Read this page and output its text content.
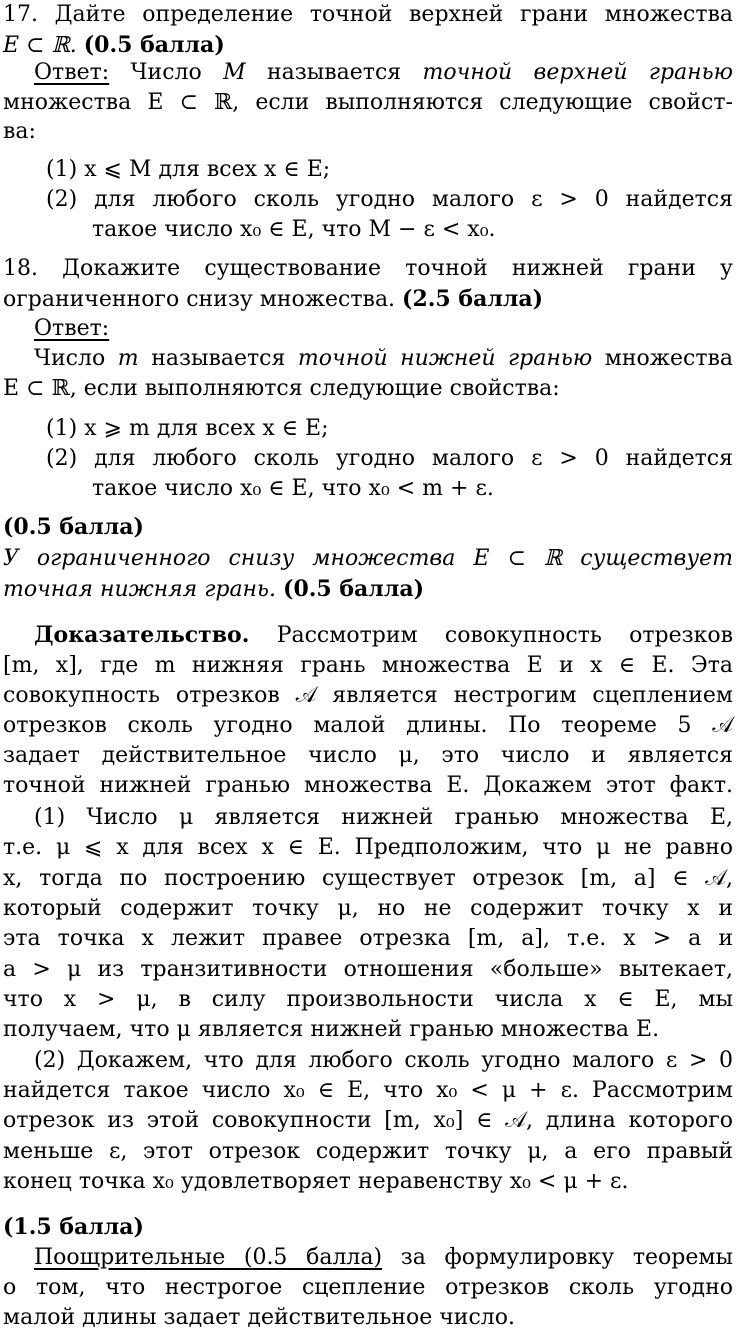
17. Дайте определение точной верхней грани множества
E ⊂ ℝ. (0.5 балла)
Ответ: Число M называется точной верхней гранью
множества E ⊂ ℝ, если выполняются следующие свойст-
ва:
(1) x ⩽ M для всех x ∈ E;
(2) для любого сколь угодно малого ε > 0 найдется
такое число x₀ ∈ E, что M − ε < x₀.
18. Докажите существование точной нижней грани у
ограниченного снизу множества. (2.5 балла)
Ответ:
Число m называется точной нижней гранью множества
E ⊂ ℝ, если выполняются следующие свойства:
(1) x ⩾ m для всех x ∈ E;
(2) для любого сколь угодно малого ε > 0 найдется
такое число x₀ ∈ E, что x₀ < m + ε.
(0.5 балла)
У ограниченного снизу множества E ⊂ ℝ существует
точная нижняя грань. (0.5 балла)
Доказательство. Рассмотрим совокупность отрезков
[m, x], где m нижняя грань множества E и x ∈ E. Эта
совокупность отрезков 𝒜 является нестрогим сцеплением
отрезков сколь угодно малой длины. По теореме 5 𝒜
задает действительное число μ, это число и является
точной нижней гранью множества E. Докажем этот факт.
(1) Число μ является нижней гранью множества E,
т.е. μ ⩽ x для всех x ∈ E. Предположим, что μ не равно
x, тогда по построению существует отрезок [m, a] ∈ 𝒜,
который содержит точку μ, но не содержит точку x и
эта точка x лежит правее отрезка [m, a], т.е. x > a и
a > μ из транзитивности отношения «больше» вытекает,
что x > μ, в силу произвольности числа x ∈ E, мы
получаем, что μ является нижней гранью множества E.
(2) Докажем, что для любого сколь угодно малого ε > 0
найдется такое число x₀ ∈ E, что x₀ < μ + ε. Рассмотрим
отрезок из этой совокупности [m, x₀] ∈ 𝒜, длина которого
меньше ε, этот отрезок содержит точку μ, а его правый
конец точка x₀ удовлетворяет неравенству x₀ < μ + ε.
(1.5 балла)
Поощрительные (0.5 балла) за формулировку теоремы
о том, что нестрогое сцепление отрезков сколь угодно
малой длины задает действительное число.
